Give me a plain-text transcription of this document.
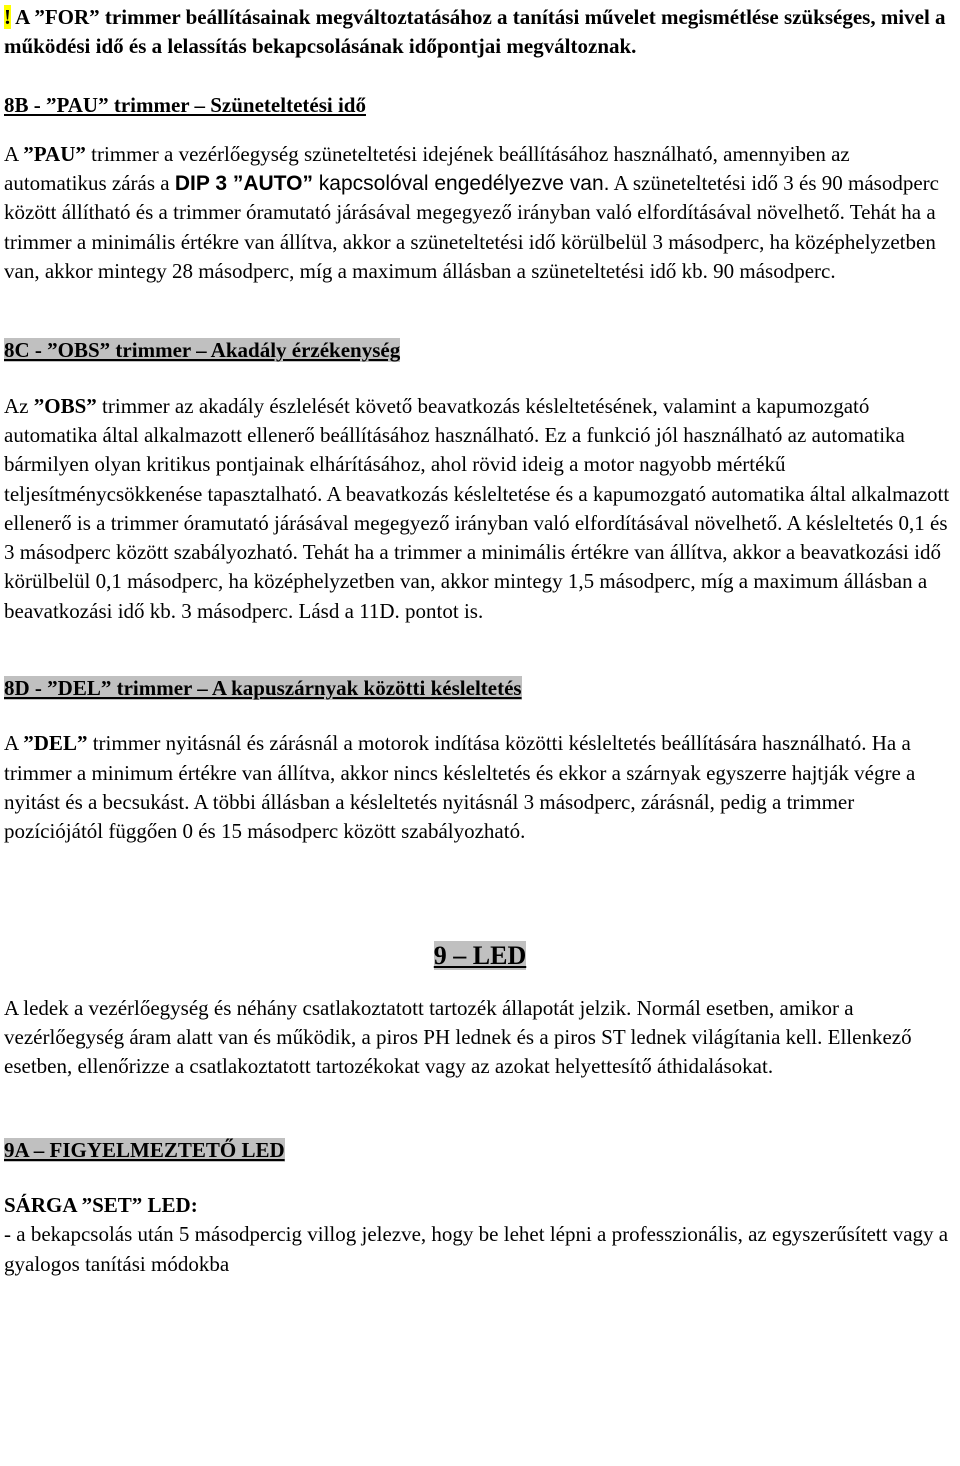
! A ”FOR” trimmer beállításainak megváltoztatásához a tanítási művelet megismétlése szükséges, mivel a működési idő és a lelassítás bekapcsolásának időpontjai megváltoznak.

8B - ”PAU” trimmer – Szüneteltetési idő

A ”PAU” trimmer a vezérlőegység szüneteltetési idejének beállításához használható, amennyiben az automatikus zárás a DIP 3 ”AUTO” kapcsolóval engedélyezve van. A szüneteltetési idő 3 és 90 másodperc között állítható és a trimmer óramutató járásával megegyező irányban való elfordításával növelhető. Tehát ha a trimmer a minimális értékre van állítva, akkor a szüneteltetési idő körülbelül 3 másodperc, ha középhelyzetben van, akkor mintegy 28 másodperc, míg a maximum állásban a szüneteltetési idő kb. 90 másodperc.

8C - ”OBS” trimmer – Akadály érzékenység

Az ”OBS” trimmer az akadály észlelését követő beavatkozás késleltetésének, valamint a kapumozgató automatika által alkalmazott ellenerő beállításához használható. Ez a funkció jól használható az automatika bármilyen olyan kritikus pontjainak elhárításához, ahol rövid ideig a motor nagyobb mértékű teljesítménycsökkenése tapasztalható. A beavatkozás késleltetése és a kapumozgató automatika által alkalmazott ellenerő is a trimmer óramutató járásával megegyező irányban való elfordításával növelhető. A késleltetés 0,1 és 3 másodperc között szabályozható. Tehát ha a trimmer a minimális értékre van állítva, akkor a beavatkozási idő körülbelül 0,1 másodperc, ha középhelyzetben van, akkor mintegy 1,5 másodperc, míg a maximum állásban a beavatkozási idő kb. 3 másodperc. Lásd a 11D. pontot is.

8D - ”DEL” trimmer – A kapuszárnyak közötti késleltetés

A ”DEL” trimmer nyitásnál és zárásnál a motorok indítása közötti késleltetés beállítására használható. Ha a trimmer a minimum értékre van állítva, akkor nincs késleltetés és ekkor a szárnyak egyszerre hajtják végre a nyitást és a becsukást. A többi állásban a késleltetés nyitásnál 3 másodperc, zárásnál, pedig a trimmer pozíciójától függően 0 és 15 másodperc között szabályozható.

9 – LED

A ledek a vezérlőegység és néhány csatlakoztatott tartozék állapotát jelzik. Normál esetben, amikor a vezérlőegység áram alatt van és működik, a piros PH lednek és a piros ST lednek világítania kell. Ellenkező esetben, ellenőrizze a csatlakoztatott tartozékokat vagy az azokat helyettesítő áthidalásokat.

9A – FIGYELMEZTETŐ LED

SÁRGA ”SET” LED:

- a bekapcsolás után 5 másodpercig villog jelezve, hogy be lehet lépni a professzionális, az egyszerűsített vagy a gyalogos tanítási módokba
